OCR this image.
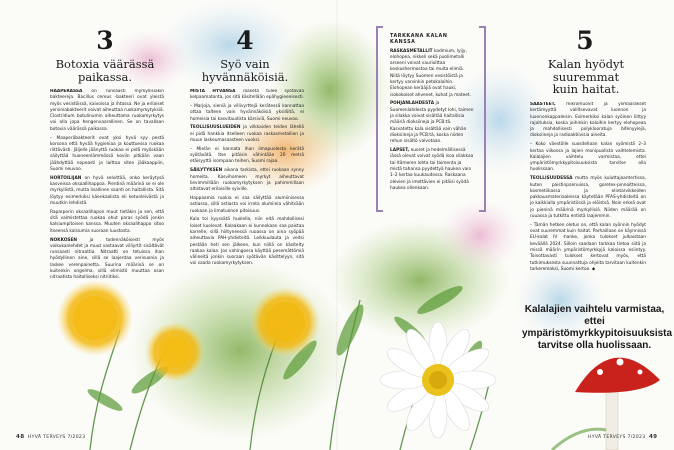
3
Botoxia väärässä
paikassa.

HAAPERÄSSÄ on runsaasti myrkyllisiäkin bakteereja. Bacillus cereus -bakteeri ovat yleistä myös vesistöissä, kaivoissa ja ihtassa. Ne ja erilaiset yersiniabakteerit voivat aiheuttaa ruokamyrkytyksiä. Clostridium botulinumin aiheuttama ruokamyrkytys voi olla jopa hengenvaarallinen. Se on tavallaan botoxia väärässä paikassa.

– Maaperäbakteerit ovat yksi hyvä syy pestä korsona että hyvää hygieniaa ja kouttuessa ruokaa riittävästi. Jäljelle jäänyttä ruokaa ei pidä myöskään säilyttää huoneenlämmössä koviin pitkään vaan jäähdyttää nopeasti ja laittaa siten jääkaappiin, Suomi neuvoo.

HORTOILIJAN on hyvä selvittää, onko keräytysä kasveissa oksaallihappoa. Pientinä määrinä se ei ole myrkyllistä, mutta lisallinen saanti on haitallista. Sitä löytyy esimerkiksi käenkaalista eli ketunleivästä ja muutkin lehdistä.

Raparperin oksaalihapon muut tietäkin ja sen, että sitä valmistettaa ruokaa ohut paras syödä jonkin kalsiumpitoisen kanssa. Muuten oksaalihappo sitoo itseensä kalsiumia suoraan luustosta.

NOKKOSEN	ja todennäköisesti myös voikukanlehdet ja muut vastaavat villiyrtit sisältävät runsaasti nitraattia. Nitraatti on tetuissa ihan hyödyllinen aine, sillä se laajentaa verisuonia ja laskee verenpainetta. Suurina määrinä se on kuitenkin ongelma, sillä elimistö muuttaa osan nitraatista haitalliseksi nitriitiksi.

4
Syö vain
hyvännäköisiä.

MISTÄ HYVÄNSÄ raaseta tulee syötävää kelpaamatonta, jos sitä käsitellään epähygieenisesti.

– Marjoja, sieniä ja villivyrttejä kerätessä kannattaa ottaa talteen vain hyvännäköisiä yksilöitä, ei homeisia tai kasvitaudista kärsiviä, Suomi neuvoo.

TEOLLISUUSLUEIDEN ja vilkkaiden teiden lähellä ei pidä hankkia itselleen ruokaa raskasmetallien ja muun laskeumasaasteen vuoksi.

– Mielän ei kannata ihan ilmapuolesta kerätä syötävätä. Itse pitäisin vähintään 20 meträ etäisyyttä isompaan teihen, Suomi rajaa.

SÄILYTYKSEN aikana tarkista, ettei ruokaan synny homeita. Kasvihomeen myrkyt aiheuttavat lievimmillään ruokamyrkytyksen ja pahimmillaan altistavat erilaisille syiville.

Happaamia ruokia ei saa säilyttää alumiinisessa astiassa, sillä astiasta voi irrota alumiinia vähitsään ruokaan ja limatuonon pitoisuus.

Kala toi kyyssätä huolella, niin eitä mahdollisesi loiset kuolevat. Kalaakaan ei kunnokaan saa paistaa karrelle, sillä hiiltyneessä ruoassa on aina syöpää aiheuttavia PAH-yhdisteitä. Leikkuulauta ja veitsi pestään heti sen jälkeen, kun niillä on käsitelty raakaa kalaa. Jos vahingossa käyttää pesemättömiä välineitä jonkin suoraan syötävän käsittelyyn, sitä voi saada ruokamyrkytyksen.

TARKKANA KALAN KANSSA

RASKASMETALLIT kadmium, lyijy, elohopea, nikkeli sekä puolimetalli arseeni voivat vaurioittaa keskushermostoa tai muita elimiä. Niitä löytyy Suomen vesistöistä ja kertyy varsinkin petokaloihin. Elohopean kerääjiä ovat hauki, isokokoiset ahvenet, kuhat ja mateet.

POHJANLAHDESTA ja Suomenlahdesta pyydetyt lohi, taimen ja silakka voivat sisältää haitallisia määriä dioksiineja ja PCB:tä. Kasvatettu kala sisältää vain vähän dioksiineja ja PCB:tä, koska niiden rehun sisältö valvotaan.

LAPSET, nuoret ja hedelmällisessä iässä olevat voivat syödä isoa silakkaa tai ltämeren lohta tai taimenta ja mistä tahansa pyydettyä haukea vain 1–2 kertaa kuukaudessa. Raskaana olevien ja imettävien ei pitäisi syödä haukea ollenkaan.

5
Kalan hyödyt
suuremmat
kuin haitat.

SAASTEET, mikromuovit ja ylimääräkset kertämyyttä vallitsevavat luonnon ja luonnonkappaleisin. Esimerkiksi kalan syöinen liittyy rajoituksia, koska joihinkin kaloihin kertyy elohopeaa ja mahdollisesti polyklooratuja bifenyylejä, dioksiineja ja radioaktiivisia aineita.

– Koko väestölle suositellaan kalan syömistä 2–3 kertaa viikossa ja lajien monipuolista vaihtelemista. Kalalajien vaihtelu varmistaa, ettei ympäristömyrkkypitoisuuksista tarvitse olla huolissaan.

TEOLLISUUDESSA mutta myös kuluttajaantertissa, kuten paistinpannuissa, goretex-pinnoitteissa, kosmetiikassa ja elintarvikkeiden pakkausmateriaaleissa käytetään PFAS-yhdisteitä on jo kaikkialla ympäristössä ja elöistsä. Noin erkeä ovat jo pieninä määrinä myrkyllisiä. Niiden määrää on ruuassa ja tutkittu entistä laajemmin.

– Tämän hetken oletus on, että kalan syönnin hyödyt ovat suuremmat kuin haitat. Parhaillaan on käynnissä EU-kalat IV -hanke, jonka tulokset julkaistaan keväällä 2024. Silloin saadaan tarkkaa tietoa siitä ja missä määrin ympäristömyrkkyjä kaloissa esiintyy. Toivottavasti tulokset kertovat myös, että tutkimuksesta suunnattuja ohjeita tarvitaan kuitenkin tarkemmaksi, Suomi kertoo. ◆

Kalalajien vaihtelu varmistaa, ettei ympäristömyrkkypitoisuuksista tarvitse olla huolissaan.
48 HYVÄ TERVEYS 7/2023	HYVÄ TERVEYS 7/2023 49
